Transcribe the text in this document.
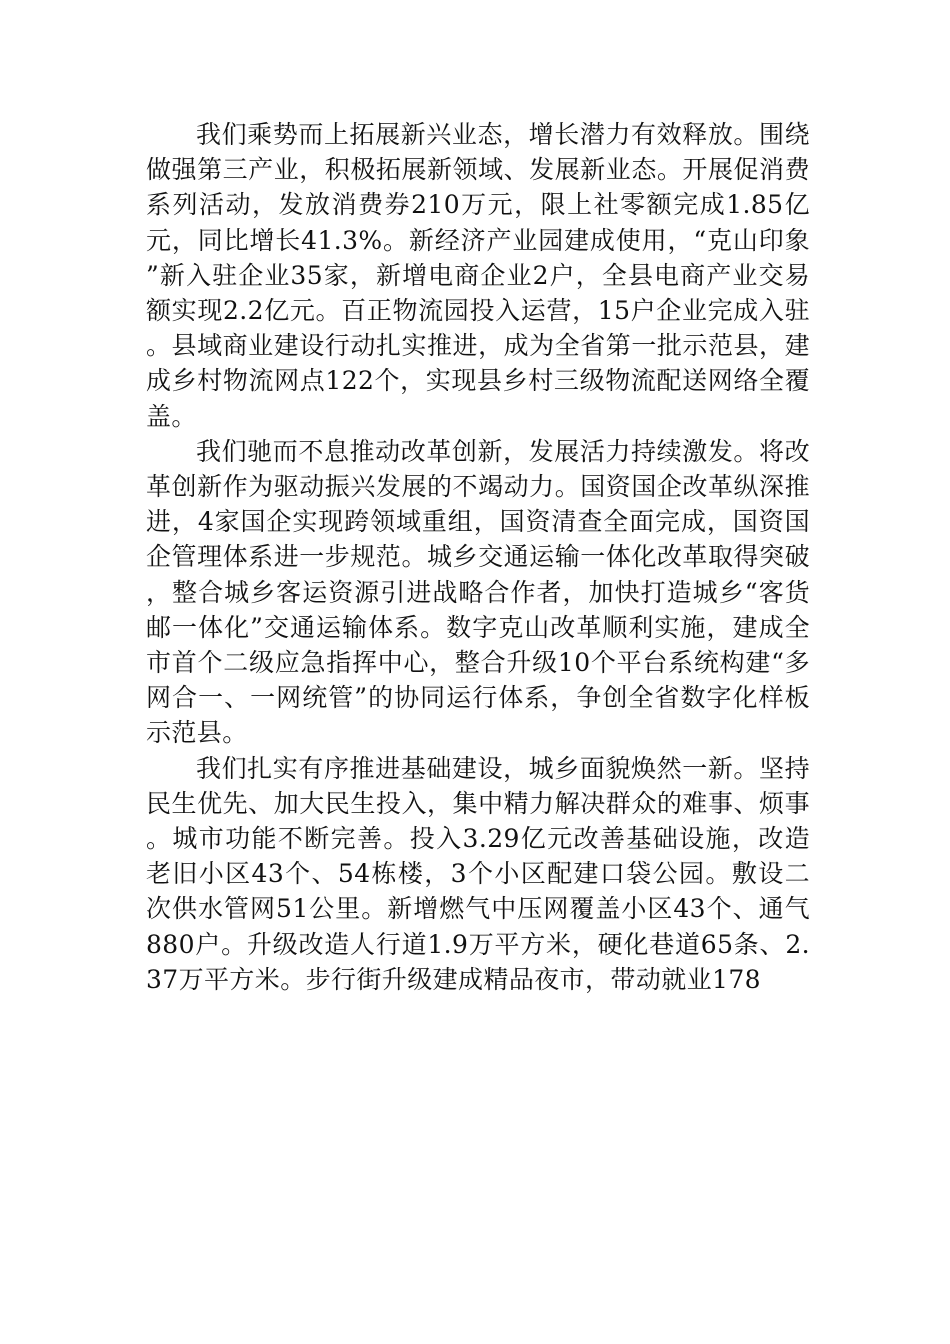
我们乘势而上拓展新兴业态，增长潜力有效释放。围绕做强第三产业，积极拓展新领域、发展新业态。开展促消费系列活动，发放消费券210万元，限上社零额完成1.85亿元，同比增长41.3%。新经济产业园建成使用，“克山印象”新入驻企业35家，新增电商企业2户，全县电商产业交易额实现2.2亿元。百正物流园投入运营，15户企业完成入驻。县域商业建设行动扎实推进，成为全省第一批示范县，建成乡村物流网点122个，实现县乡村三级物流配送网络全覆盖。

我们驰而不息推动改革创新，发展活力持续激发。将改革创新作为驱动振兴发展的不竭动力。国资国企改革纵深推进，4家国企实现跨领域重组，国资清查全面完成，国资国企管理体系进一步规范。城乡交通运输一体化改革取得突破，整合城乡客运资源引进战略合作者，加快打造城乡“客货邮一体化”交通运输体系。数字克山改革顺利实施，建成全市首个二级应急指挥中心，整合升级10个平台系统构建“多网合一、一网统管”的协同运行体系，争创全省数字化样板示范县。

我们扎实有序推进基础建设，城乡面貌焕然一新。坚持民生优先、加大民生投入，集中精力解决群众的难事、烦事。城市功能不断完善。投入3.29亿元改善基础设施，改造老旧小区43个、54栋楼，3个小区配建口袋公园。敷设二次供水管网51公里。新增燃气中压网覆盖小区43个、通气880户。升级改造人行道1.9万平方米，硬化巷道65条、2.37万平方米。步行街升级建成精品夜市，带动就业178
